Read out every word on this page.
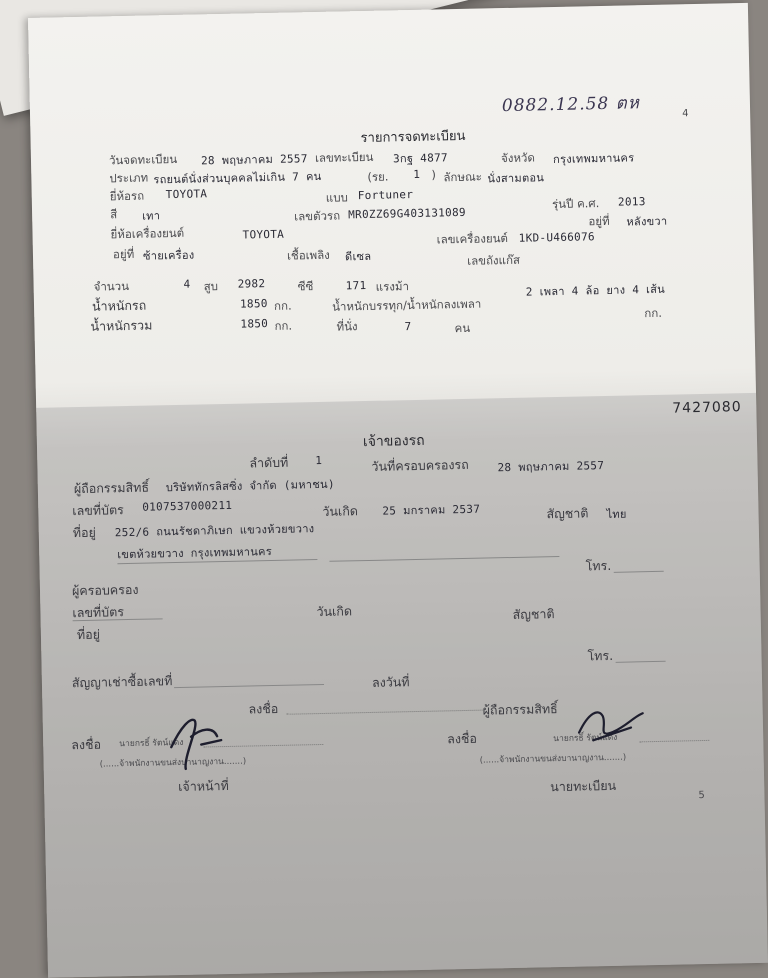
0882.12.58 ตห	4
รายการจดทะเบียน
วันจดทะเบียน 28 พฤษภาคม 2557 เลขทะเบียน 3กฐ 4877	จังหวัด กรุงเทพมหานคร
ประเภท รถยนต์นั่งส่วนบุคคลไม่เกิน 7 คน	(รย. 1 ) ลักษณะ นั่งสามตอน
ยี่ห้อรถ TOYOTA	แบบ Fortuner
รุ่นปี ค.ศ. 2013
สี เทา	เลขตัวรถ MR0ZZ69G403131089	อยู่ที่ หลังขวา
ยี่ห้อเครื่องยนต์	TOYOTA	เลขเครื่องยนต์ 1KD-U466076
อยู่ที่ ซ้ายเครื่อง	เชื้อเพลิง ดีเซล	เลขถังแก๊ส
จำนวน	4 สูบ 2982	ซีซี	171 แรงม้า	2 เพลา 4 ล้อ ยาง 4 เส้น
น้ำหนักรถ	1850 กก.	น้ำหนักบรรทุก/น้ำหนักลงเพลา	กก.
น้ำหนักรวม	1850 กก.	ที่นั่ง	7	คน
7427080
เจ้าของรถ
ลำดับที่ 1	วันที่ครอบครองรถ	28 พฤษภาคม 2557
ผู้ถือกรรมสิทธิ์ บริษัททักรลิสซิ่ง จำกัด (มหาชน)
เลขที่บัตร 0107537000211	วันเกิด 25 มกราคม 2537	สัญชาติ ไทย
ที่อยู่ 252/6 ถนนรัชดาภิเษก แขวงห้วยขวาง
เขตห้วยขวาง กรุงเทพมหานคร
โทร.
ผู้ครอบครอง
เลขที่บัตร	วันเกิด	สัญชาติ
ที่อยู่
โทร.
สัญญาเช่าซื้อเลขที่	ลงวันที่
ลงชื่อ	ผู้ถือกรรมสิทธิ์
ลงชื่อ นายกรธิ์ รัตน์แดง
(......จ้าพนักงานขนส่งบานาญงาน.......)
เจ้าหน้าที่
ลงชื่อ	นายกรธิ์ รัตน์แดง
(......จ้าพนักงานขนส่งบานาญงาน.......)
นายทะเบียน
5
